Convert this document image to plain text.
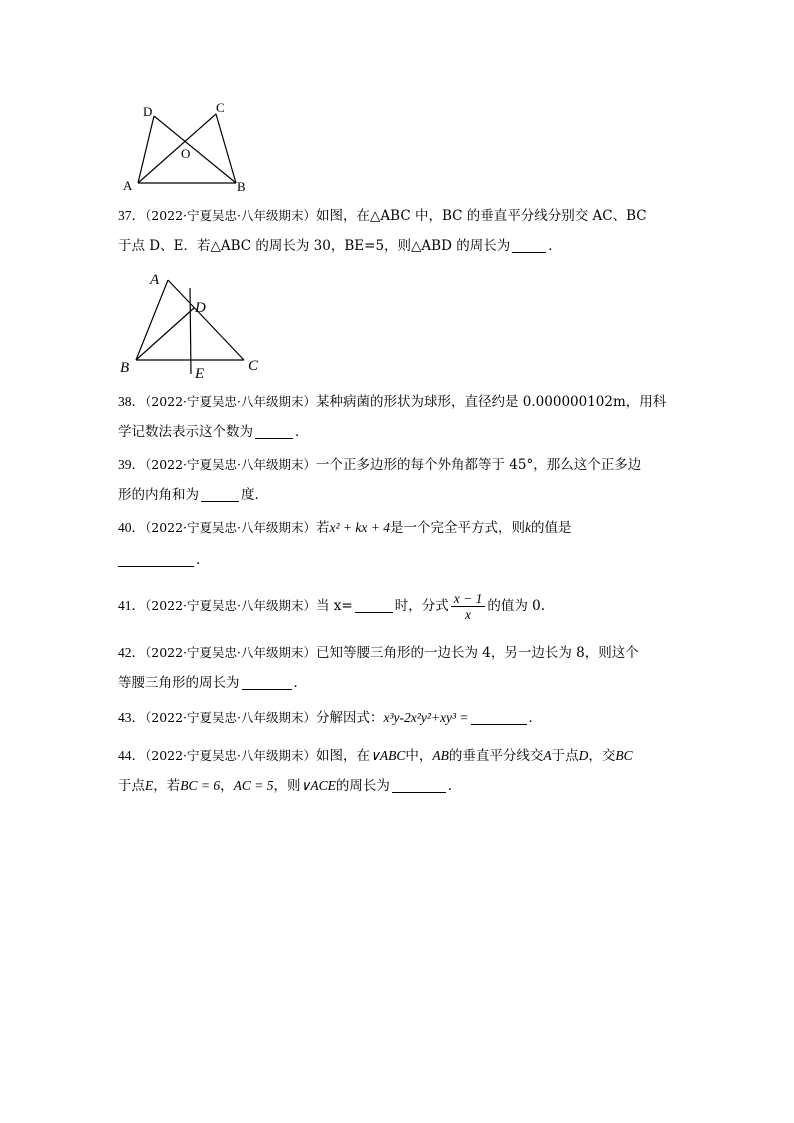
D	C
O
A	B
37．（2022·宁夏吴忠·八年级期末）如图，在△ABC 中，BC 的垂直平分线分别交 AC、BC
于点 D、E．若△ABC 的周长为 30，BE=5，则△ABD 的周长为	．
A
D
B	C
E
38．（2022·宁夏吴忠·八年级期末）某种病菌的形状为球形，直径约是 0.000000102m，用科
学记数法表示这个数为	．
39．（2022·宁夏吴忠·八年级期末）一个正多边形的每个外角都等于 45°，那么这个正多边
形的内角和为	度．
40．（2022·宁夏吴忠·八年级期末）若x² + kx + 4是一个完全平方式，则k的值是
．
41．（2022·宁夏吴忠·八年级期末）当 x=	时，分式 $\frac{x - 1}{x}$ 的值为 0.
42．（2022·宁夏吴忠·八年级期末）已知等腰三角形的一边长为 4，另一边长为 8，则这个
等腰三角形的周长为	．
43．（2022·宁夏吴忠·八年级期末）分解因式：x³y-2x²y²+xy³ =	．
44．（2022·宁夏吴忠·八年级期末）如图，在∨ABC中，AB的垂直平分线交A于点D，交BC
于点E，若BC = 6，AC = 5，则∨ACE的周长为	．
